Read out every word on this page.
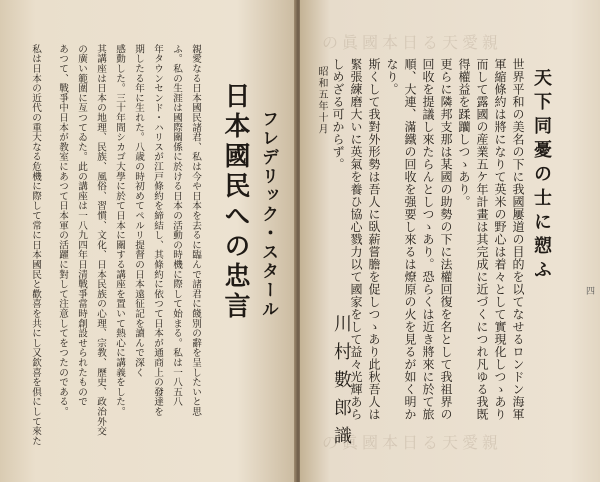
日本國民への忠言 フレデリック・スタール
親愛なる日本國民諸君、私は今や日本を去るに臨んで諸君に餞別の辭を呈したいと思
ふ。私の生涯は國際關係に於ける日本の活動の時機に際して始まる。私は一八五八
年タウンセンド・ハリスが江戸條約を締結し、其條約に依つて日本が通商上の發達を
期したる年に生れた。八歳の時初めてペルリ提督の日本遠征記を讀んで深く
感動した。三十年間シカゴ大學に於て日本に關する講座を置いて熱心に講義をした。
其講座は日本の地理、民族、風俗、習慣、文化、日本民族の心理、宗教、歷史、政治外交
の廣い範圍に亙つてゐた。此の講座は一八九四年日清戰爭當時創設せられたもので
あつて、戰爭中日本が教室にあつて日本軍の活躍に對して注意してをつたのである。
私は日本の近代の重大なる危機に際して常に日本國民と歡喜を共にし又欽喜を倶にして來た
の眞國本日る天愛親
の眞國本日る天愛親
天下同憂の士に愬ふ
世界平和の美名の下に我國屢道の目的を以てなせるロンドン海軍
軍縮條約は將になりて英米の野心は着々として實現化しつゝあり
而して露國の産業五ケ年計畫は其完成に近づくにつれ凡ゆる我既
得權益を蹂躪しつゝあり。
更らに隣邦支那は某國の助勢の下に法權回復を名として我祖界の
回收を提議し來たらんとしつゝあり。恐らくは近き將來に於て旅
順、大連、滿鐵の回收を强要し來るは燎原の火を見るが如く明か
なり。
斯くして我對外形勢は吾人に臥薪嘗膽を促しつゝあり此秋吾人は
緊張練磨大いに英氣を養ひ協心戮力以て國家をして益々光輝あら
しめざる可からず。
昭和五年十月
川村數郎識
四
